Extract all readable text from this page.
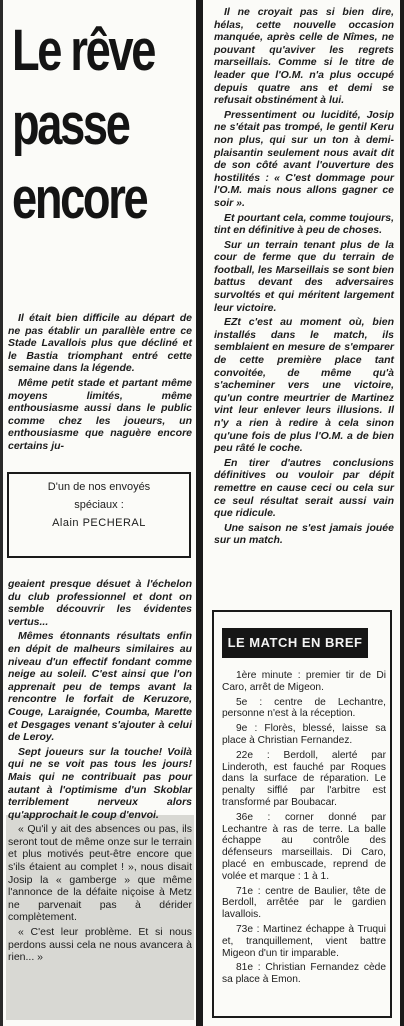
Le rêve
passe
encore

Il était bien difficile au départ de ne pas établir un parallèle entre ce Stade Lavallois plus que décliné et le Bastia triomphant entré cette semaine dans la légende.

Même petit stade et partant même moyens limités, même enthousiasme aussi dans le public comme chez les joueurs, un enthousiasme que naguère encore certains ju-

D'un de nos envoyés
spéciaux :
Alain PECHERAL

geaient presque désuet à l'échelon du club professionnel et dont on semble découvrir les évidentes vertus...

Mêmes étonnants résultats enfin en dépit de malheurs similaires au niveau d'un effectif fondant comme neige au soleil. C'est ainsi que l'on apprenait peu de temps avant la rencontre le forfait de Keruzore, Couge, Laraignée, Coumba, Marette et Desgages venant s'ajouter à celui de Leroy.

Sept joueurs sur la touche! Voilà qui ne se voit pas tous les jours! Mais qui ne contribuait pas pour autant à l'optimisme d'un Skoblar terriblement nerveux alors qu'approchait le coup d'envoi.

« Qu'il y ait des absences ou pas, ils seront tout de même onze sur le terrain et plus motivés peut-être encore que s'ils étaient au complet ! », nous disait Josip la « gamberge » que même l'annonce de la défaite niçoise à Metz ne parvenait pas à dérider complètement.

« C'est leur problème. Et si nous perdons aussi cela ne nous avancera à rien... »

Il ne croyait pas si bien dire, hélas, cette nouvelle occasion manquée, après celle de Nîmes, ne pouvant qu'aviver les regrets marseillais. Comme si le titre de leader que l'O.M. n'a plus occupé depuis quatre ans et demi se refusait obstinément à lui.

Pressentiment ou lucidité, Josip ne s'était pas trompé, le gentil Keru non plus, qui sur un ton à demi-plaisantin seulement nous avait dit de son côté avant l'ouverture des hostilités : « C'est dommage pour l'O.M. mais nous allons gagner ce soir ».

Et pourtant cela, comme toujours, tint en définitive à peu de choses.

Sur un terrain tenant plus de la cour de ferme que du terrain de football, les Marseillais se sont bien battus devant des adversaires survoltés et qui méritent largement leur victoire.

EZt c'est au moment où, bien installés dans le match, ils semblaient en mesure de s'emparer de cette première place tant convoitée, de même qu'à s'acheminer vers une victoire, qu'un contre meurtrier de Martinez vint leur enlever leurs illusions. Il n'y a rien à redire à cela sinon qu'une fois de plus l'O.M. a de bien peu râté le coche.

En tirer d'autres conclusions définitives ou vouloir par dépit remettre en cause ceci ou cela sur ce seul résultat serait aussi vain que ridicule.

Une saison ne s'est jamais jouée sur un match.

LE MATCH EN BREF

1ère minute : premier tir de Di Caro, arrêt de Migeon.

5e : centre de Lechantre, personne n'est à la réception.

9e : Florès, blessé, laisse sa place à Christian Fernandez.

22e : Berdoll, alerté par Linderoth, est fauché par Roques dans la surface de réparation. Le penalty sifflé par l'arbitre est transformé par Boubacar.

36e : corner donné par Lechantre à ras de terre. La balle échappe au contrôle des défenseurs marseillais. Di Caro, placé en embuscade, reprend de volée et marque : 1 à 1.

71e : centre de Baulier, tête de Berdoll, arrêtée par le gardien lavallois.

73e : Martinez échappe à Truqui et, tranquillement, vient battre Migeon d'un tir imparable.

81e : Christian Fernandez cède sa place à Emon.
